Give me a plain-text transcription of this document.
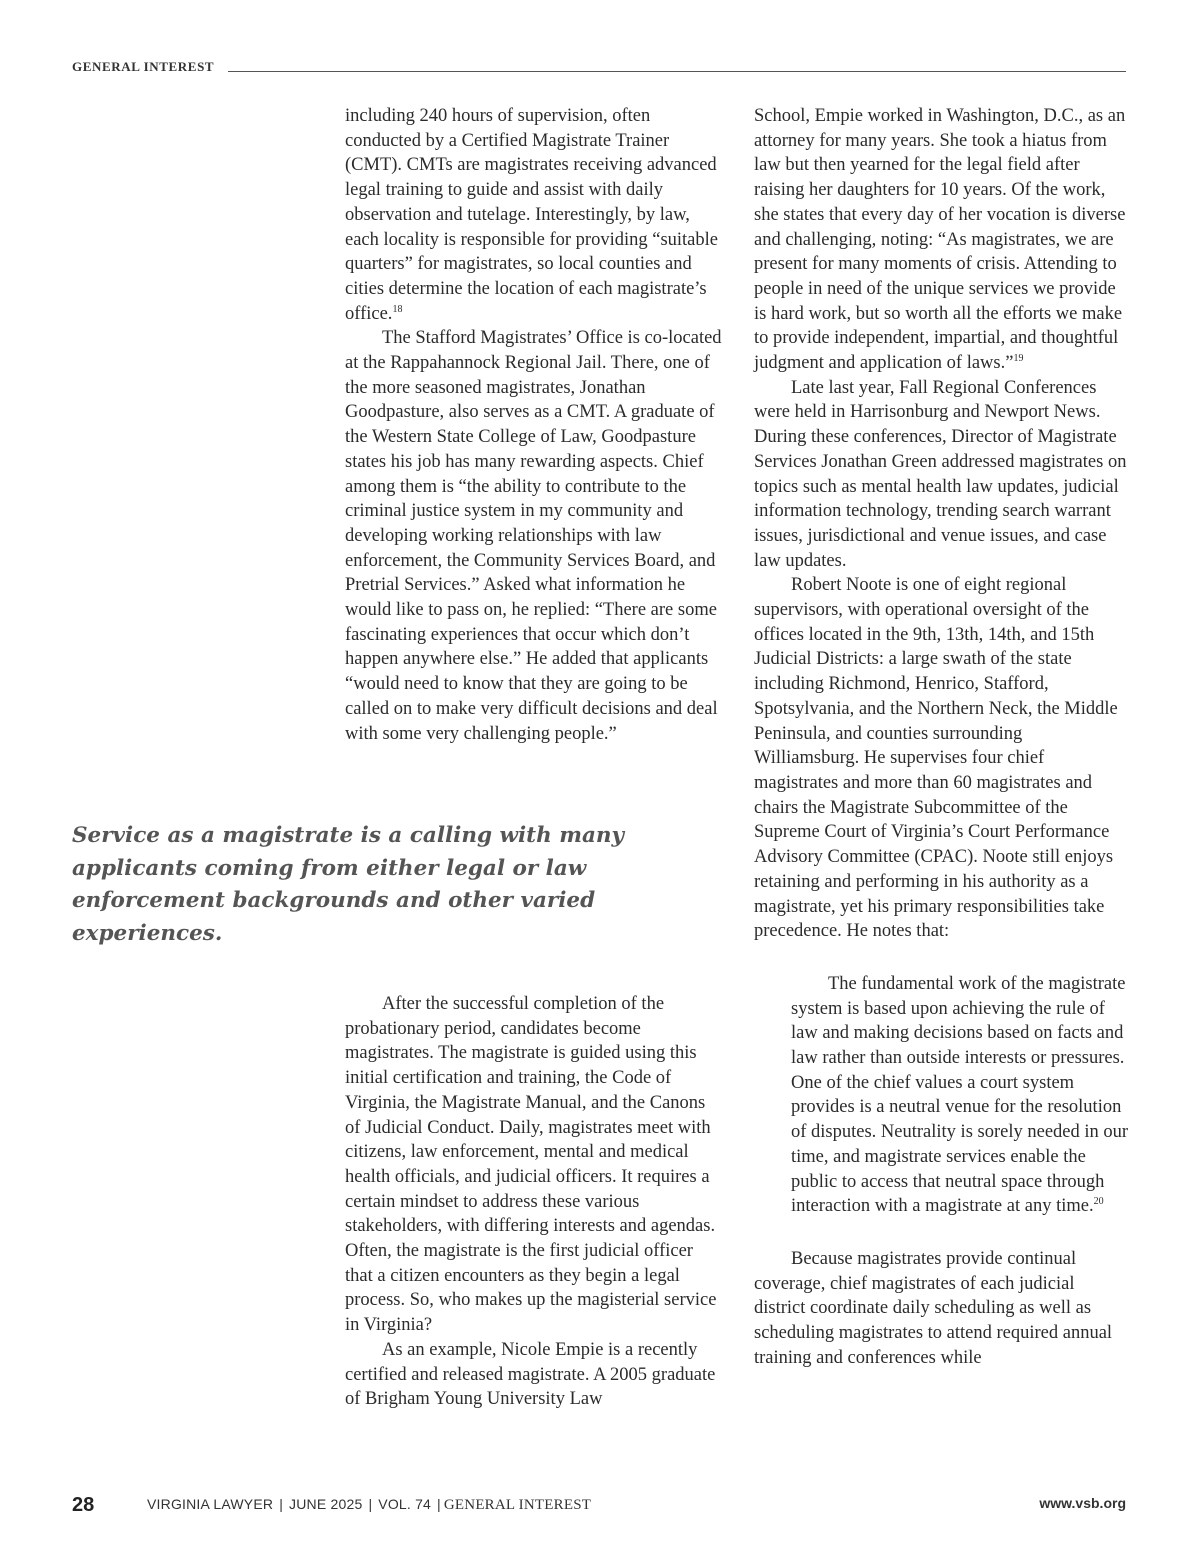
GENERAL INTEREST

including 240 hours of supervision, often conducted by a Certified Magistrate Trainer (CMT). CMTs are magistrates receiving advanced legal training to guide and assist with daily observation and tutelage. Interestingly, by law, each locality is responsible for providing “suitable quarters” for magistrates, so local counties and cities determine the location of each magistrate’s office.$^{18}$

The Stafford Magistrates’ Office is co-located at the Rappahannock Regional Jail. There, one of the more seasoned magistrates, Jonathan Goodpasture, also serves as a CMT. A graduate of the Western State College of Law, Goodpasture states his job has many rewarding aspects. Chief among them is “the ability to contribute to the criminal justice system in my community and developing working relationships with law enforcement, the Community Services Board, and Pretrial Services.” Asked what information he would like to pass on, he replied: “There are some fascinating experiences that occur which don’t happen anywhere else.” He added that applicants “would need to know that they are going to be called on to make very difficult decisions and deal with some very challenging people.”

Service as a magistrate is a calling with many applicants coming from either legal or law enforcement backgrounds and other varied experiences.

After the successful completion of the probationary period, candidates become magistrates. The magistrate is guided using this initial certification and training, the Code of Virginia, the Magistrate Manual, and the Canons of Judicial Conduct. Daily, magistrates meet with citizens, law enforcement, mental and medical health officials, and judicial officers. It requires a certain mindset to address these various stakeholders, with differing interests and agendas. Often, the magistrate is the first judicial officer that a citizen encounters as they begin a legal process. So, who makes up the magisterial service in Virginia?

As an example, Nicole Empie is a recently certified and released magistrate. A 2005 graduate of Brigham Young University Law

School, Empie worked in Washington, D.C., as an attorney for many years. She took a hiatus from law but then yearned for the legal field after raising her daughters for 10 years. Of the work, she states that every day of her vocation is diverse and challenging, noting: “As magistrates, we are present for many moments of crisis. Attending to people in need of the unique services we provide is hard work, but so worth all the efforts we make to provide independent, impartial, and thoughtful judgment and application of laws.”$^{19}$

Late last year, Fall Regional Conferences were held in Harrisonburg and Newport News. During these conferences, Director of Magistrate Services Jonathan Green addressed magistrates on topics such as mental health law updates, judicial information technology, trending search warrant issues, jurisdictional and venue issues, and case law updates.

Robert Noote is one of eight regional supervisors, with operational oversight of the offices located in the 9th, 13th, 14th, and 15th Judicial Districts: a large swath of the state including Richmond, Henrico, Stafford, Spotsylvania, and the Northern Neck, the Middle Peninsula, and counties surrounding Williamsburg. He supervises four chief magistrates and more than 60 magistrates and chairs the Magistrate Subcommittee of the Supreme Court of Virginia’s Court Performance Advisory Committee (CPAC). Noote still enjoys retaining and performing in his authority as a magistrate, yet his primary responsibilities take precedence. He notes that:

The fundamental work of the magistrate system is based upon achieving the rule of law and making decisions based on facts and law rather than outside interests or pressures. One of the chief values a court system provides is a neutral venue for the resolution of disputes. Neutrality is sorely needed in our time, and magistrate services enable the public to access that neutral space through interaction with a magistrate at any time.$^{20}$

Because magistrates provide continual coverage, chief magistrates of each judicial district coordinate daily scheduling as well as scheduling magistrates to attend required annual training and conferences while

28	VIRGINIA LAWYER | JUNE 2025 | VOL. 74 | GENERAL INTEREST	www.vsb.org
